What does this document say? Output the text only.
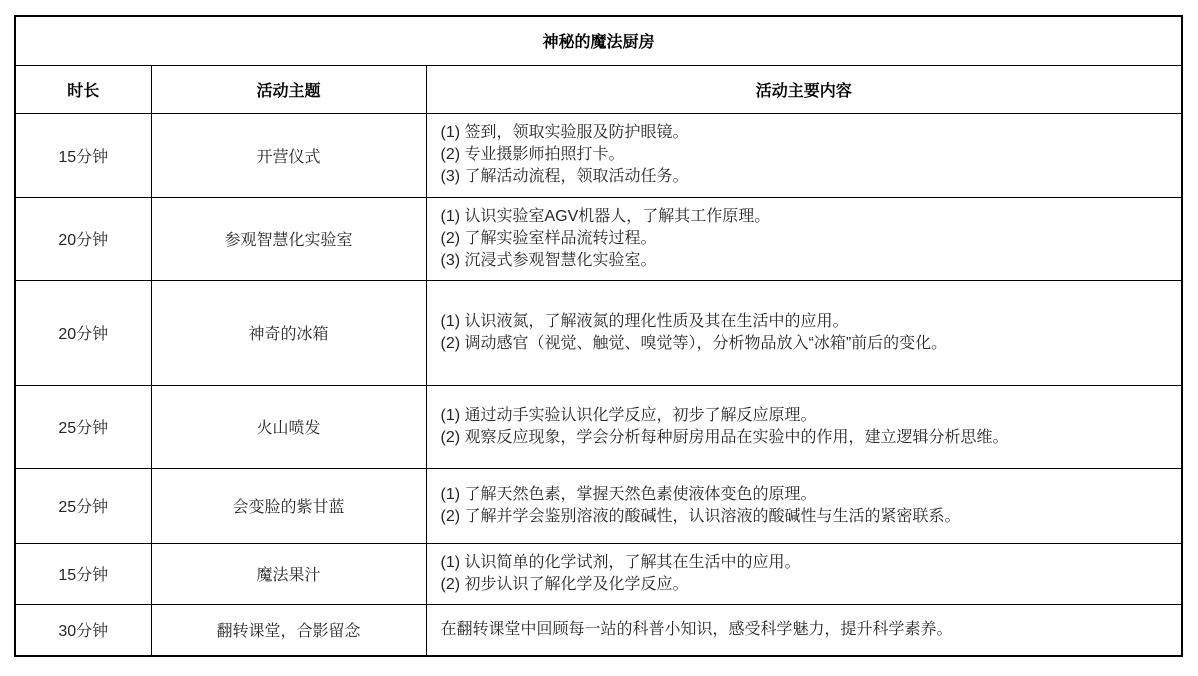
神秘的魔法厨房		
时长	活动主题	活动主要内容
15分钟	开营仪式	(1) 签到，领取实验服及防护眼镜。
(2) 专业摄影师拍照打卡。
(3) 了解活动流程，领取活动任务。

20分钟	参观智慧化实验室	(1) 认识实验室AGV机器人，了解其工作原理。
(2) 了解实验室样品流转过程。
(3) 沉浸式参观智慧化实验室。

20分钟	神奇的冰箱	(1) 认识液氮，了解液氮的理化性质及其在生活中的应用。
(2) 调动感官（视觉、触觉、嗅觉等），分析物品放入“冰箱”前后的变化。

25分钟	火山喷发	(1) 通过动手实验认识化学反应，初步了解反应原理。
(2) 观察反应现象，学会分析每种厨房用品在实验中的作用，建立逻辑分析思维。

25分钟	会变脸的紫甘蓝	(1) 了解天然色素，掌握天然色素使液体变色的原理。
(2) 了解并学会鉴别溶液的酸碱性，认识溶液的酸碱性与生活的紧密联系。

15分钟	魔法果汁	(1) 认识简单的化学试剂，了解其在生活中的应用。
(2) 初步认识了解化学及化学反应。

30分钟	翻转课堂，合影留念	在翻转课堂中回顾每一站的科普小知识，感受科学魅力，提升科学素养。
